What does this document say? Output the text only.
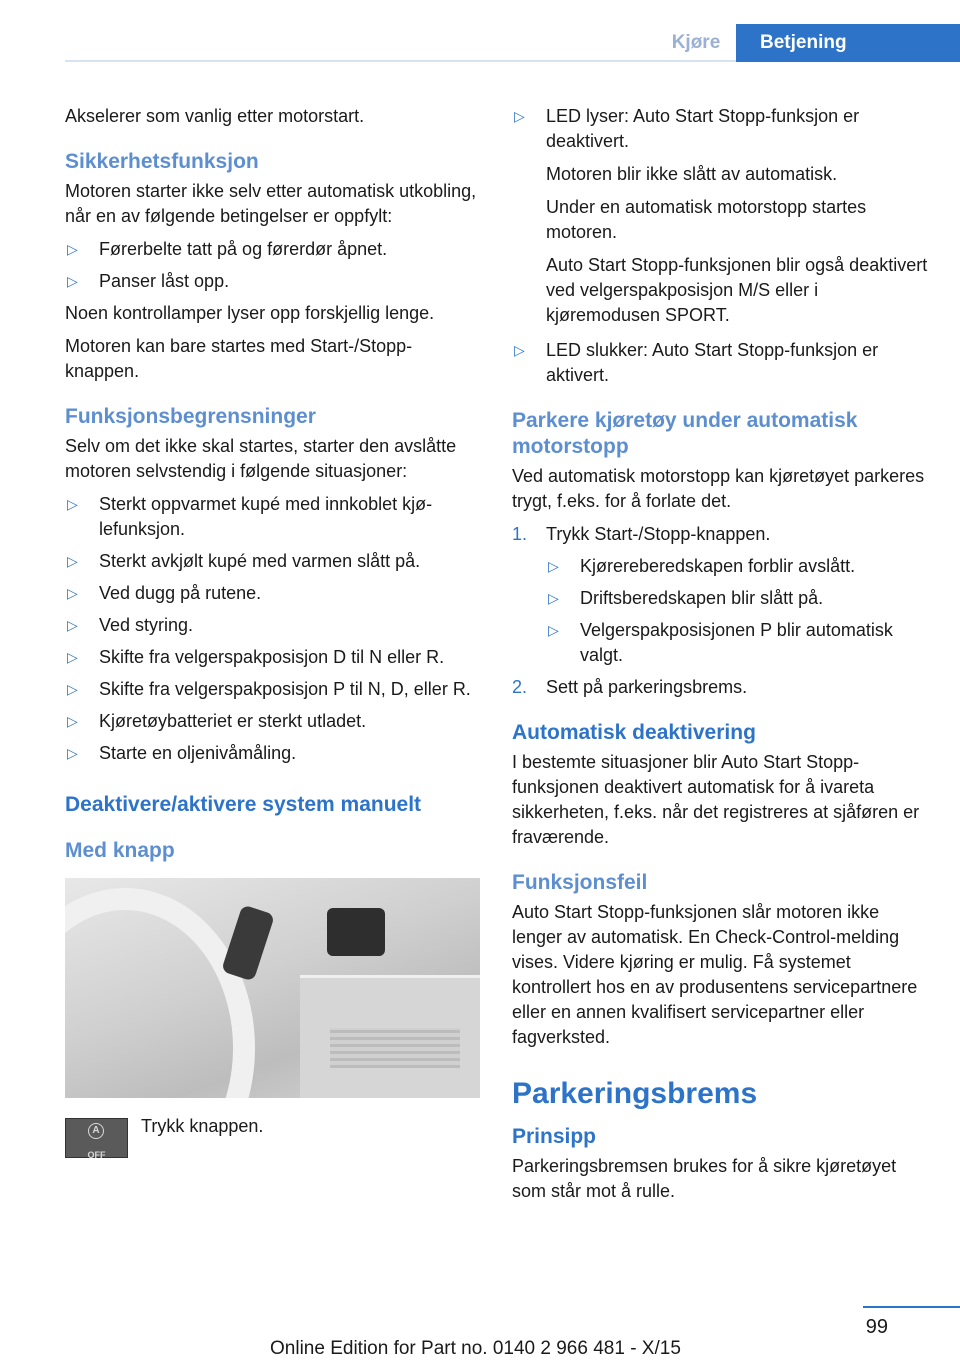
Kjøre	Betjening

Akselerer som vanlig etter motorstart.

Sikkerhetsfunksjon

Motoren starter ikke selv etter automatisk utkobling, når en av følgende betingelser er oppfylt:

▷ Førerbelte tatt på og førerdør åpnet.
▷ Panser låst opp.

Noen kontrollamper lyser opp forskjellig lenge.

Motoren kan bare startes med Start-/Stopp-knappen.

Funksjonsbegrensninger

Selv om det ikke skal startes, starter den avslåtte motoren selvstendig i følgende situasjoner:

▷ Sterkt oppvarmet kupé med innkoblet kjølefunksjon.
▷ Sterkt avkjølt kupé med varmen slått på.
▷ Ved dugg på rutene.
▷ Ved styring.
▷ Skifte fra velgerspakposisjon D til N eller R.
▷ Skifte fra velgerspakposisjon P til N, D, eller R.
▷ Kjøretøybatteriet er sterkt utladet.
▷ Starte en oljenivåmåling.
Deaktivere/aktivere system manuelt
Med knapp
A
OFF
Trykk knappen.
▷ LED lyser: Auto Start Stopp-funksjon er deaktivert.

Motoren blir ikke slått av automatisk.

Under en automatisk motorstopp startes motoren.

Auto Start Stopp-funksjonen blir også deaktivert ved velgerspakposisjon M/S eller i kjøremodusen SPORT.

▷ LED slukker: Auto Start Stopp-funksjon er aktivert.
Parkere kjøretøy under automatisk motorstopp

Ved automatisk motorstopp kan kjøretøyet parkeres trygt, f.eks. for å forlate det.

1. Trykk Start-/Stopp-knappen.
▷ Kjørereberedskapen forblir avslått.
▷ Driftsberedskapen blir slått på.
▷ Velgerspakposisjonen P blir automatisk valgt.
2. Sett på parkeringsbrems.
Automatisk deaktivering

I bestemte situasjoner blir Auto Start Stopp-funksjonen deaktivert automatisk for å ivareta sikkerheten, f.eks. når det registreres at sjåføren er fraværende.

Funksjonsfeil

Auto Start Stopp-funksjonen slår motoren ikke lenger av automatisk. En Check-Control-melding vises. Videre kjøring er mulig. Få systemet kontrollert hos en av produsentens servicepartnere eller en annen kvalifisert servicepartner eller fagverksted.

Parkeringsbrems
Prinsipp

Parkeringsbremsen brukes for å sikre kjøretøyet som står mot å rulle.

99
Online Edition for Part no. 0140 2 966 481 - X/15
